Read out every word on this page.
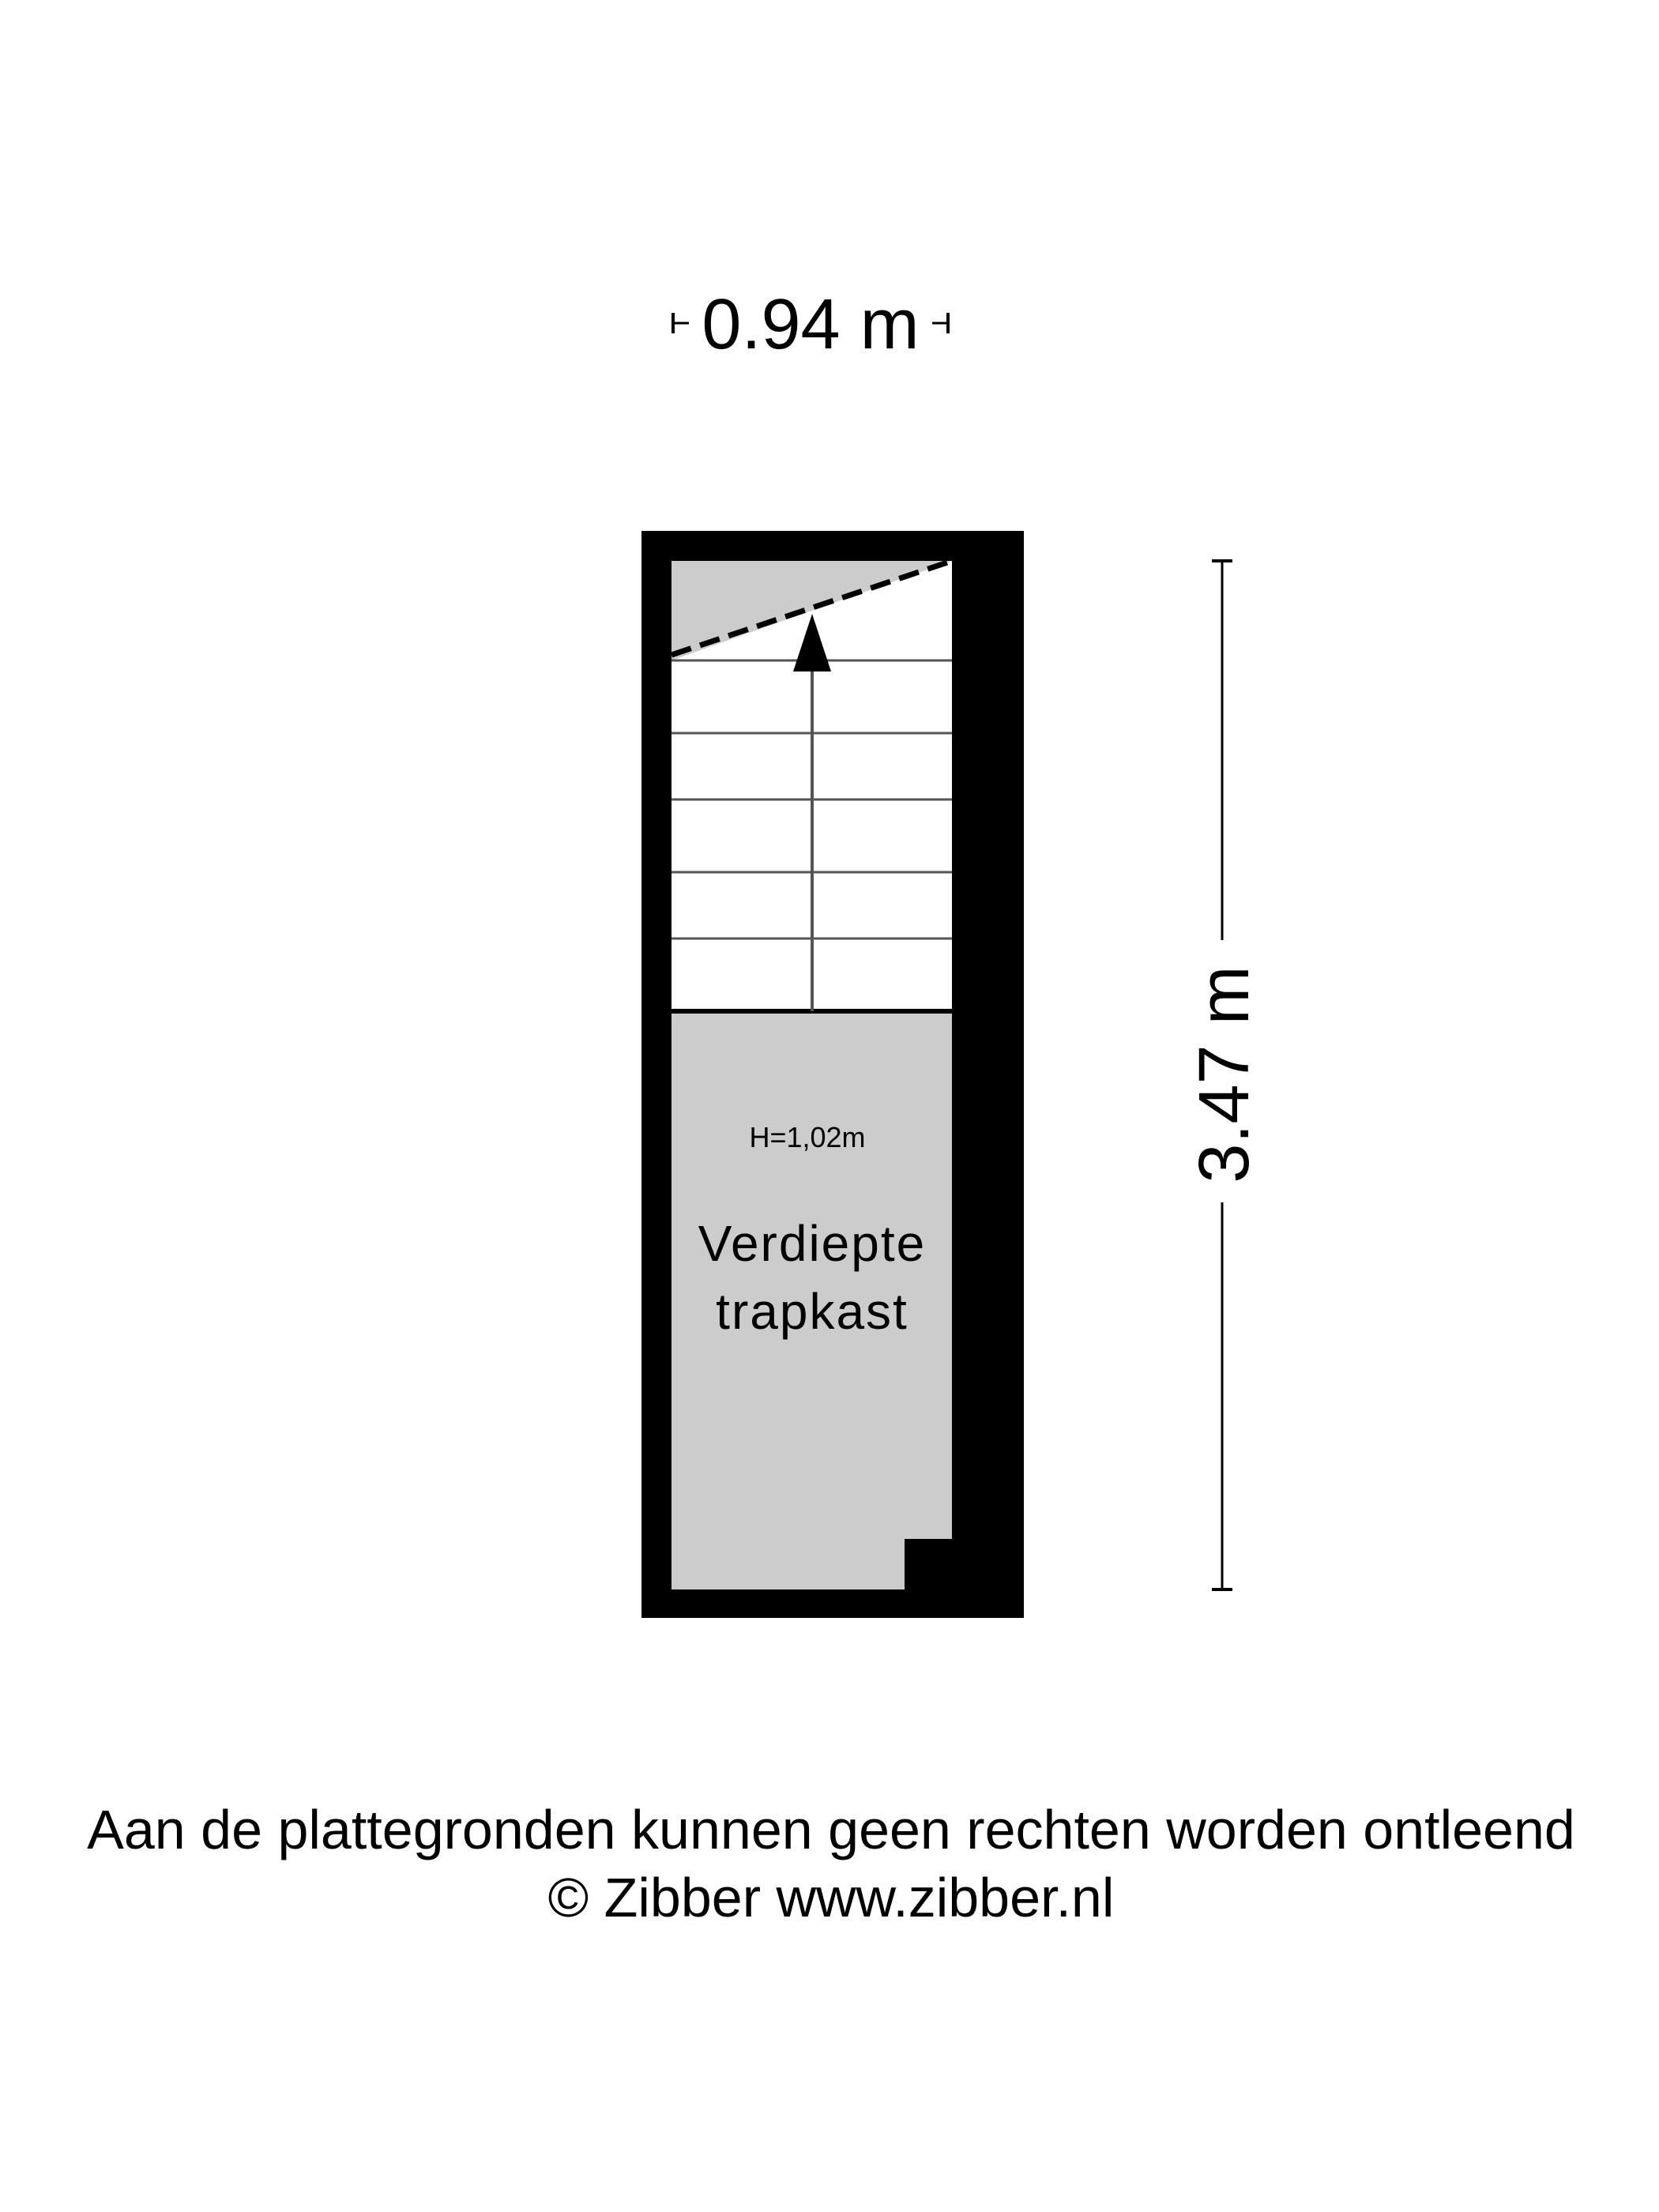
0.94 m
H=1,02m
Verdiepte
trapkast
3.47 m
Aan de plattegronden kunnen geen rechten worden ontleend
© Zibber www.zibber.nl
